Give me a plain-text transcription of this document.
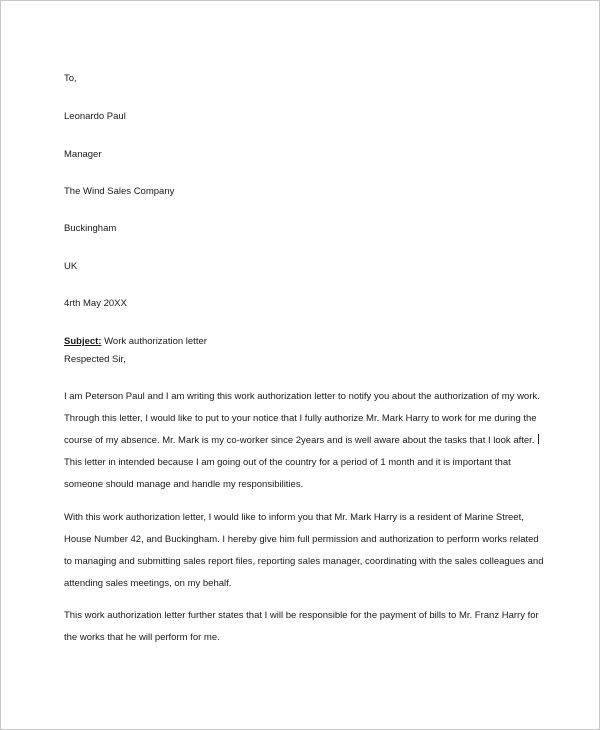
To,
Leonardo Paul
Manager
The Wind Sales Company
Buckingham
UK
4rth May 20XX
Subject: Work authorization letter
Respected Sir,

I am Peterson Paul and I am writing this work authorization letter to notify you about the authorization of my work. Through this letter, I would like to put to your notice that I fully authorize Mr. Mark Harry to work for me during the course of my absence. Mr. Mark is my co-worker since 2years and is well aware about the tasks that I look after. This letter in intended because I am going out of the country for a period of 1 month and it is important that someone should manage and handle my responsibilities.

With this work authorization letter, I would like to inform you that Mr. Mark Harry is a resident of Marine Street, House Number 42, and Buckingham. I hereby give him full permission and authorization to perform works related to managing and submitting sales report files, reporting sales manager, coordinating with the sales colleagues and attending sales meetings, on my behalf.

This work authorization letter further states that I will be responsible for the payment of bills to Mr. Franz Harry for the works that he will perform for me.
